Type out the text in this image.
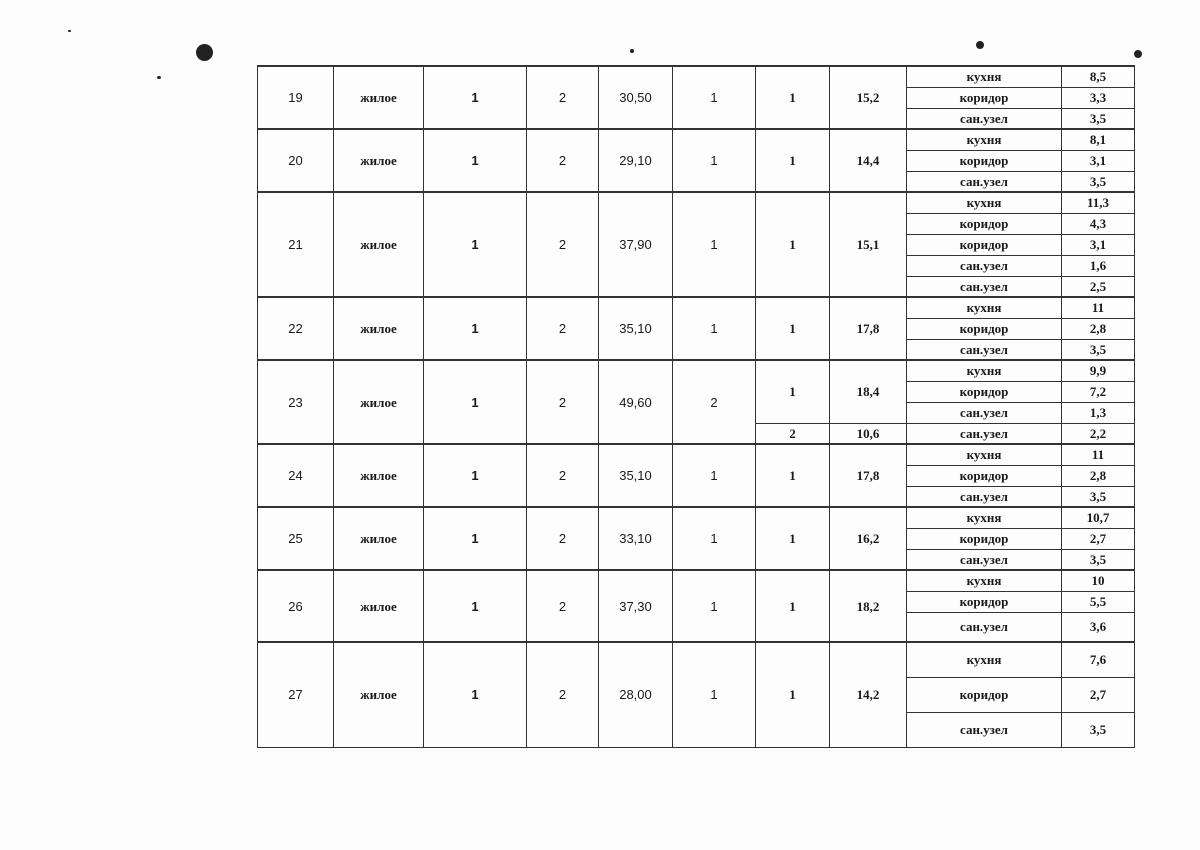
19	жилое	1	2	30,50	1	1	15,2	кухня	8,5
								коридор	3,3
								сан.узел	3,5
20	жилое	1	2	29,10	1	1	14,4	кухня	8,1
								коридор	3,1
								сан.узел	3,5
21	жилое	1	2	37,90	1	1	15,1	кухня	11,3
								коридор	4,3
								коридор	3,1
								сан.узел	1,6
								сан.узел	2,5
22	жилое	1	2	35,10	1	1	17,8	кухня	11
								коридор	2,8
								сан.узел	3,5
23	жилое	1	2	49,60	2	1	18,4	кухня	9,9
								коридор	7,2
								сан.узел	1,3
						2	10,6	сан.узел	2,2
24	жилое	1	2	35,10	1	1	17,8	кухня	11
								коридор	2,8
								сан.узел	3,5
25	жилое	1	2	33,10	1	1	16,2	кухня	10,7
								коридор	2,7
								сан.узел	3,5
26	жилое	1	2	37,30	1	1	18,2	кухня	10
								коридор	5,5
								сан.узел	3,6
27	жилое	1	2	28,00	1	1	14,2	кухня	7,6
								коридор	2,7
								сан.узел	3,5
